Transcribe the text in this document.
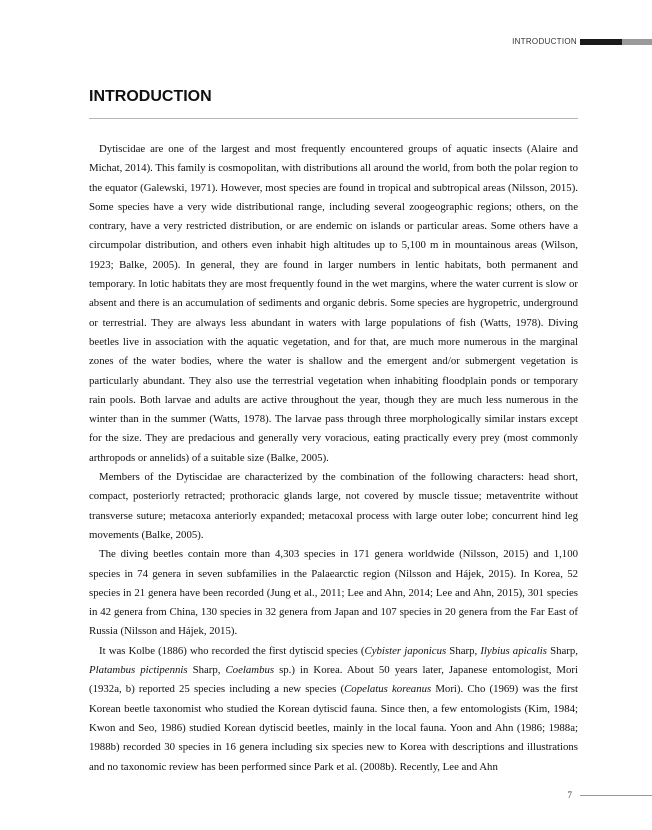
INTRODUCTION
INTRODUCTION

Dytiscidae are one of the largest and most frequently encountered groups of aquatic insects (Alaire and Michat, 2014). This family is cosmopolitan, with distributions all around the world, from both the polar region to the equator (Galewski, 1971). However, most species are found in tropical and subtropical areas (Nilsson, 2015). Some species have a very wide distributional range, including several zoogeographic regions; others, on the contrary, have a very restricted distribution, or are endemic on islands or particular areas. Some others have a circumpolar distribution, and others even inhabit high altitudes up to 5,100 m in mountainous areas (Wilson, 1923; Balke, 2005). In general, they are found in larger numbers in lentic habitats, both permanent and temporary. In lotic habitats they are most frequently found in the wet margins, where the water current is slow or absent and there is an accumulation of sediments and organic debris. Some species are hygropetric, underground or terrestrial. They are always less abundant in waters with large populations of fish (Watts, 1978). Diving beetles live in association with the aquatic vegetation, and for that, are much more numerous in the marginal zones of the water bodies, where the water is shallow and the emergent and/or submergent vegetation is particularly abundant. They also use the terrestrial vegetation when inhabiting floodplain ponds or temporary rain pools. Both larvae and adults are active throughout the year, though they are much less numerous in the winter than in the summer (Watts, 1978). The larvae pass through three morphologically similar instars except for the size. They are predacious and generally very voracious, eating practically every prey (most commonly arthropods or annelids) of a suitable size (Balke, 2005).

Members of the Dytiscidae are characterized by the combination of the following characters: head short, compact, posteriorly retracted; prothoracic glands large, not covered by muscle tissue; metaventrite without transverse suture; metacoxa anteriorly expanded; metacoxal process with large outer lobe; concurrent hind leg movements (Balke, 2005).

The diving beetles contain more than 4,303 species in 171 genera worldwide (Nilsson, 2015) and 1,100 species in 74 genera in seven subfamilies in the Palaearctic region (Nilsson and Hájek, 2015). In Korea, 52 species in 21 genera have been recorded (Jung et al., 2011; Lee and Ahn, 2014; Lee and Ahn, 2015), 301 species in 42 genera from China, 130 species in 32 genera from Japan and 107 species in 20 genera from the Far East of Russia (Nilsson and Hájek, 2015).

It was Kolbe (1886) who recorded the first dytiscid species (Cybister japonicus Sharp, Ilybius apicalis Sharp, Platambus pictipennis Sharp, Coelambus sp.) in Korea. About 50 years later, Japanese entomologist, Mori (1932a, b) reported 25 species including a new species (Copelatus koreanus Mori). Cho (1969) was the first Korean beetle taxonomist who studied the Korean dytiscid fauna. Since then, a few entomologists (Kim, 1984; Kwon and Seo, 1986) studied Korean dytiscid beetles, mainly in the local fauna. Yoon and Ahn (1986; 1988a; 1988b) recorded 30 species in 16 genera including six species new to Korea with descriptions and illustrations and no taxonomic review has been performed since Park et al. (2008b). Recently, Lee and Ahn

7
